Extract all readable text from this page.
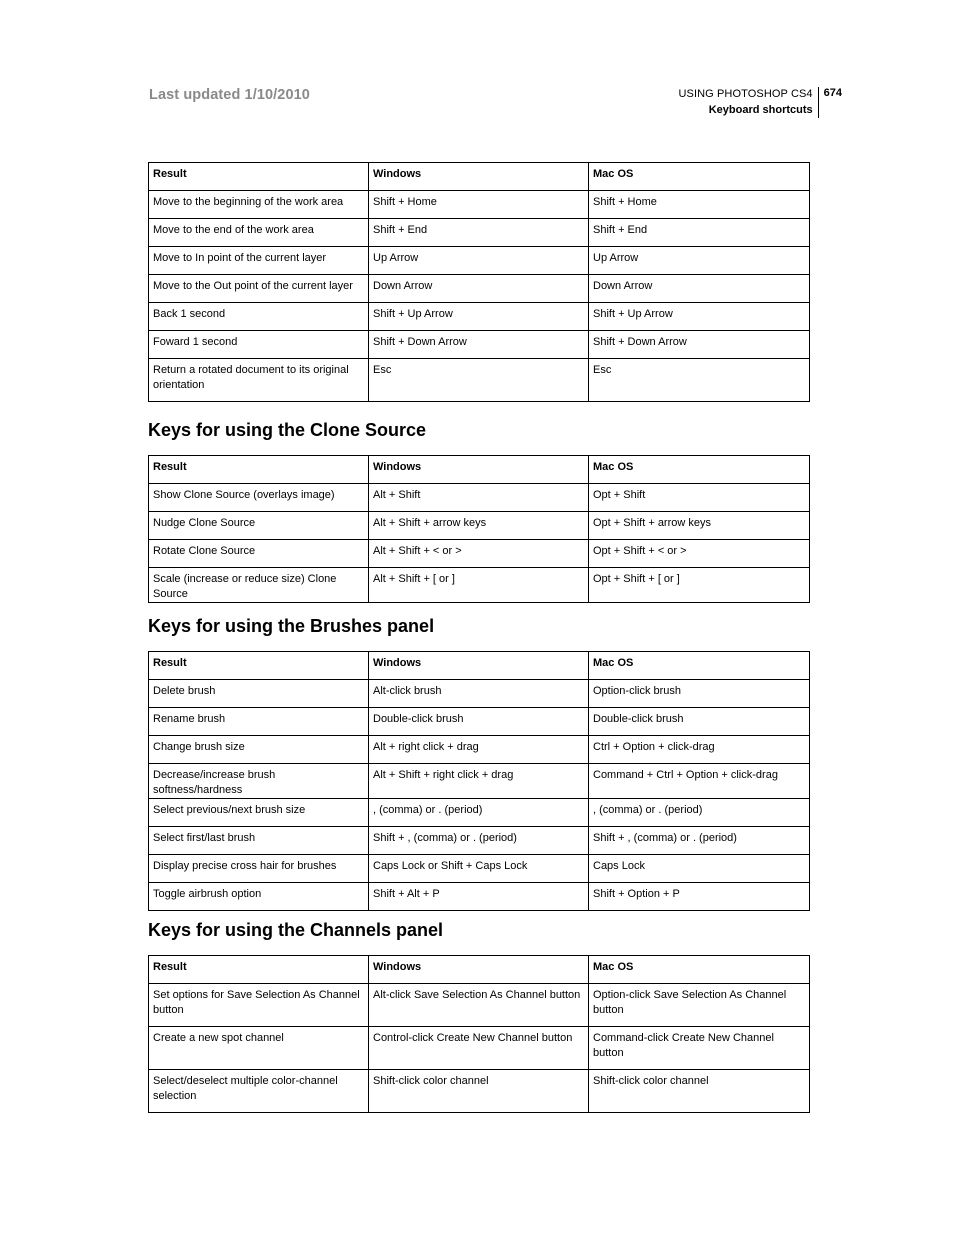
Last updated 1/10/2010	USING PHOTOSHOP CS4
Keyboard shortcuts
674
Result	Windows	Mac OS
Move to the beginning of the work area	Shift + Home	Shift + Home
Move to the end of the work area	Shift + End	Shift + End
Move to In point of the current layer	Up Arrow	Up Arrow
Move to the Out point of the current layer	Down Arrow	Down Arrow
Back 1 second	Shift + Up Arrow	Shift + Up Arrow
Foward 1 second	Shift + Down Arrow	Shift + Down Arrow
Return a rotated document to its original orientation	Esc	Esc
Keys for using the Clone Source
Result	Windows	Mac OS
Show Clone Source (overlays image)	Alt + Shift	Opt + Shift
Nudge Clone Source	Alt + Shift + arrow keys	Opt + Shift + arrow keys
Rotate Clone Source	Alt + Shift + < or >	Opt + Shift + < or >
Scale (increase or reduce size) Clone Source	Alt + Shift + [ or ]	Opt + Shift + [ or ]
Keys for using the Brushes panel
Result	Windows	Mac OS
Delete brush	Alt-click brush	Option-click brush
Rename brush	Double-click brush	Double-click brush
Change brush size	Alt + right click + drag	Ctrl + Option + click-drag
Decrease/increase brush softness/hardness	Alt + Shift + right click + drag	Command + Ctrl + Option + click-drag
Select previous/next brush size	, (comma) or . (period)	, (comma) or . (period)
Select first/last brush	Shift + , (comma) or . (period)	Shift + , (comma) or . (period)
Display precise cross hair for brushes	Caps Lock or Shift + Caps Lock	Caps Lock
Toggle airbrush option	Shift + Alt + P	Shift + Option + P
Keys for using the Channels panel
Result	Windows	Mac OS
Set options for Save Selection As Channel button	Alt-click Save Selection As Channel button	Option-click Save Selection As Channel button
Create a new spot channel	Control-click Create New Channel button	Command-click Create New Channel button
Select/deselect multiple color-channel selection	Shift-click color channel	Shift-click color channel
